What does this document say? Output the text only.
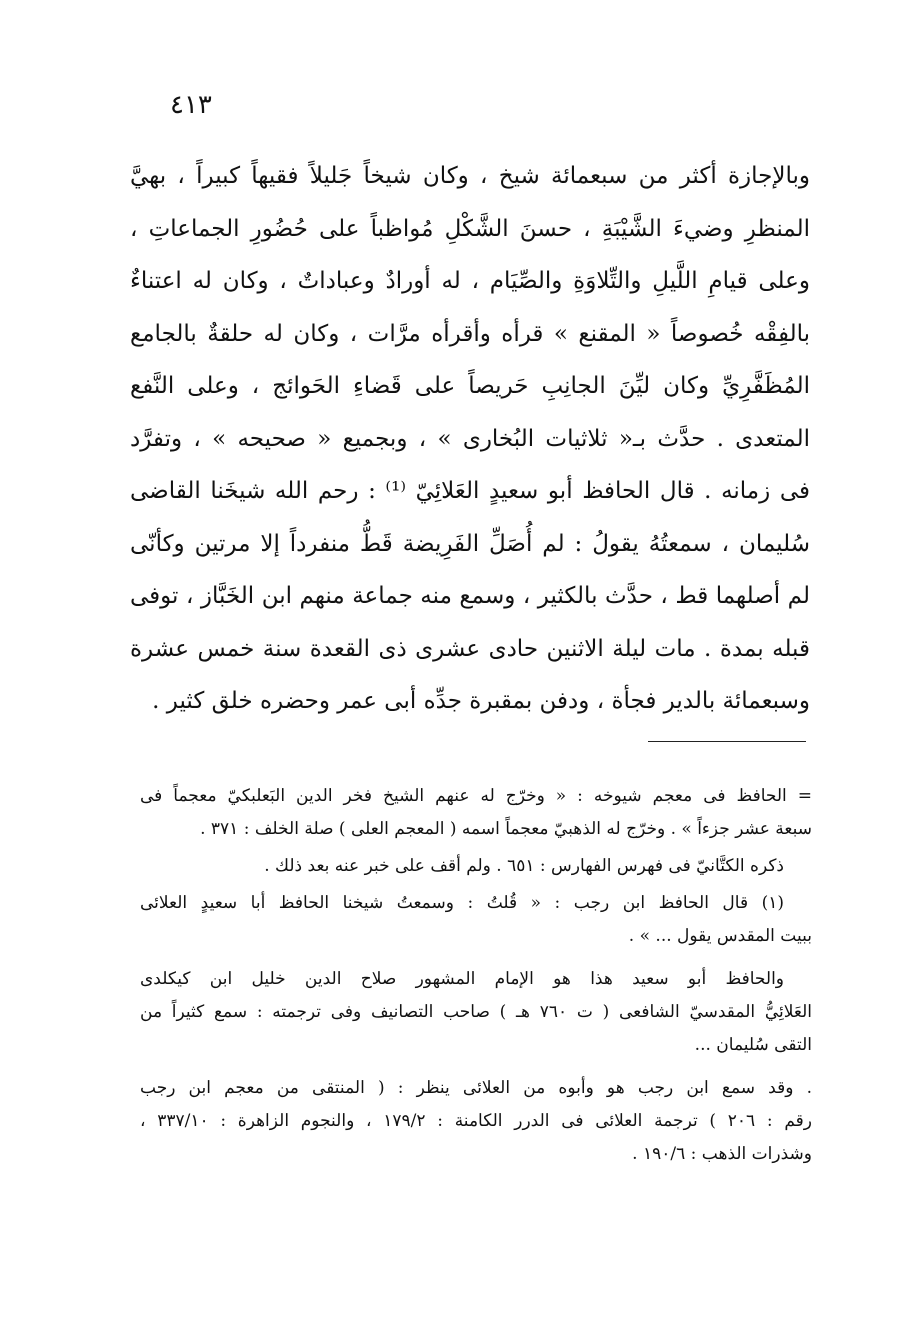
٤١٣
وبالإجازة أكثر من سبعمائة شيخ ، وكان شيخاً جَليلاً فقيهاً كبيراً ، بهيَّ
المنظرِ وضيءَ الشَّيْبَةِ ، حسنَ الشَّكْلِ مُواظباً على حُضُورِ الجماعاتِ ،
وعلى قيامِ اللَّيلِ والتِّلاوَةِ والصِّيَام ، له أورادٌ وعباداتٌ ، وكان له اعتناءٌ
بالفِقْه خُصوصاً « المقنع » قرأه وأقرأه مرَّات ، وكان له حلقةٌ بالجامع
المُظَفَّرِيِّ وكان ليِّنَ الجانِبِ حَريصاً على قَضاءِ الحَوائج ، وعلى النَّفع
المتعدى . حدَّث بـ« ثلاثيات البُخارى » ، وبجميع « صحيحه » ، وتفرَّد
فى زمانه . قال الحافظ أبو سعيدٍ العَلائِيّ ⁽¹⁾ : رحم الله شيخَنا القاضى
سُليمان ، سمعتُهُ يقولُ : لم أُصَلِّ الفَرِيضة قَطُّ منفرداً إلا مرتين وكأنّى
لم أصلهما قط ، حدَّث بالكثير ، وسمع منه جماعة منهم ابن الخَبَّاز ، توفى
قبله بمدة . مات ليلة الاثنين حادى عشرى ذى القعدة سنة خمس عشرة
وسبعمائة بالدير فجأة ، ودفن بمقبرة جدِّه أبى عمر وحضره خلق كثير .
= الحافظ فى معجم شيوخه : « وخرّج له عنهم الشيخ فخر الدين البَعلبكيّ معجماً فى
سبعة عشر جزءاً » . وخرّج له الذهبيّ معجماً اسمه ( المعجم العلى ) صلة الخلف : ٣٧١ .
ذكره الكتَّانيّ فى فهرس الفهارس : ٦٥١ . ولم أقف على خبر عنه بعد ذلك .
(١) قال الحافظ ابن رجب : « قُلتُ : وسمعتُ شيخنا الحافظ أبا سعيدٍ العلائى
ببيت المقدس يقول ... » .
والحافظ أبو سعيد هذا هو الإمام المشهور صلاح الدين خليل ابن كيكلدى
العَلائِيُّ المقدسيّ الشافعى ( ت ٧٦٠ هـ ) صاحب التصانيف وفى ترجمته : سمع كثيراً من
التقى سُليمان ...
. وقد سمع ابن رجب هو وأبوه من العلائى ينظر : ( المنتقى من معجم ابن رجب
رقم : ٢٠٦ ) ترجمة العلائى فى الدرر الكامنة : ١٧٩/٢ ، والنجوم الزاهرة : ٣٣٧/١٠ ،
وشذرات الذهب : ١٩٠/٦ .
